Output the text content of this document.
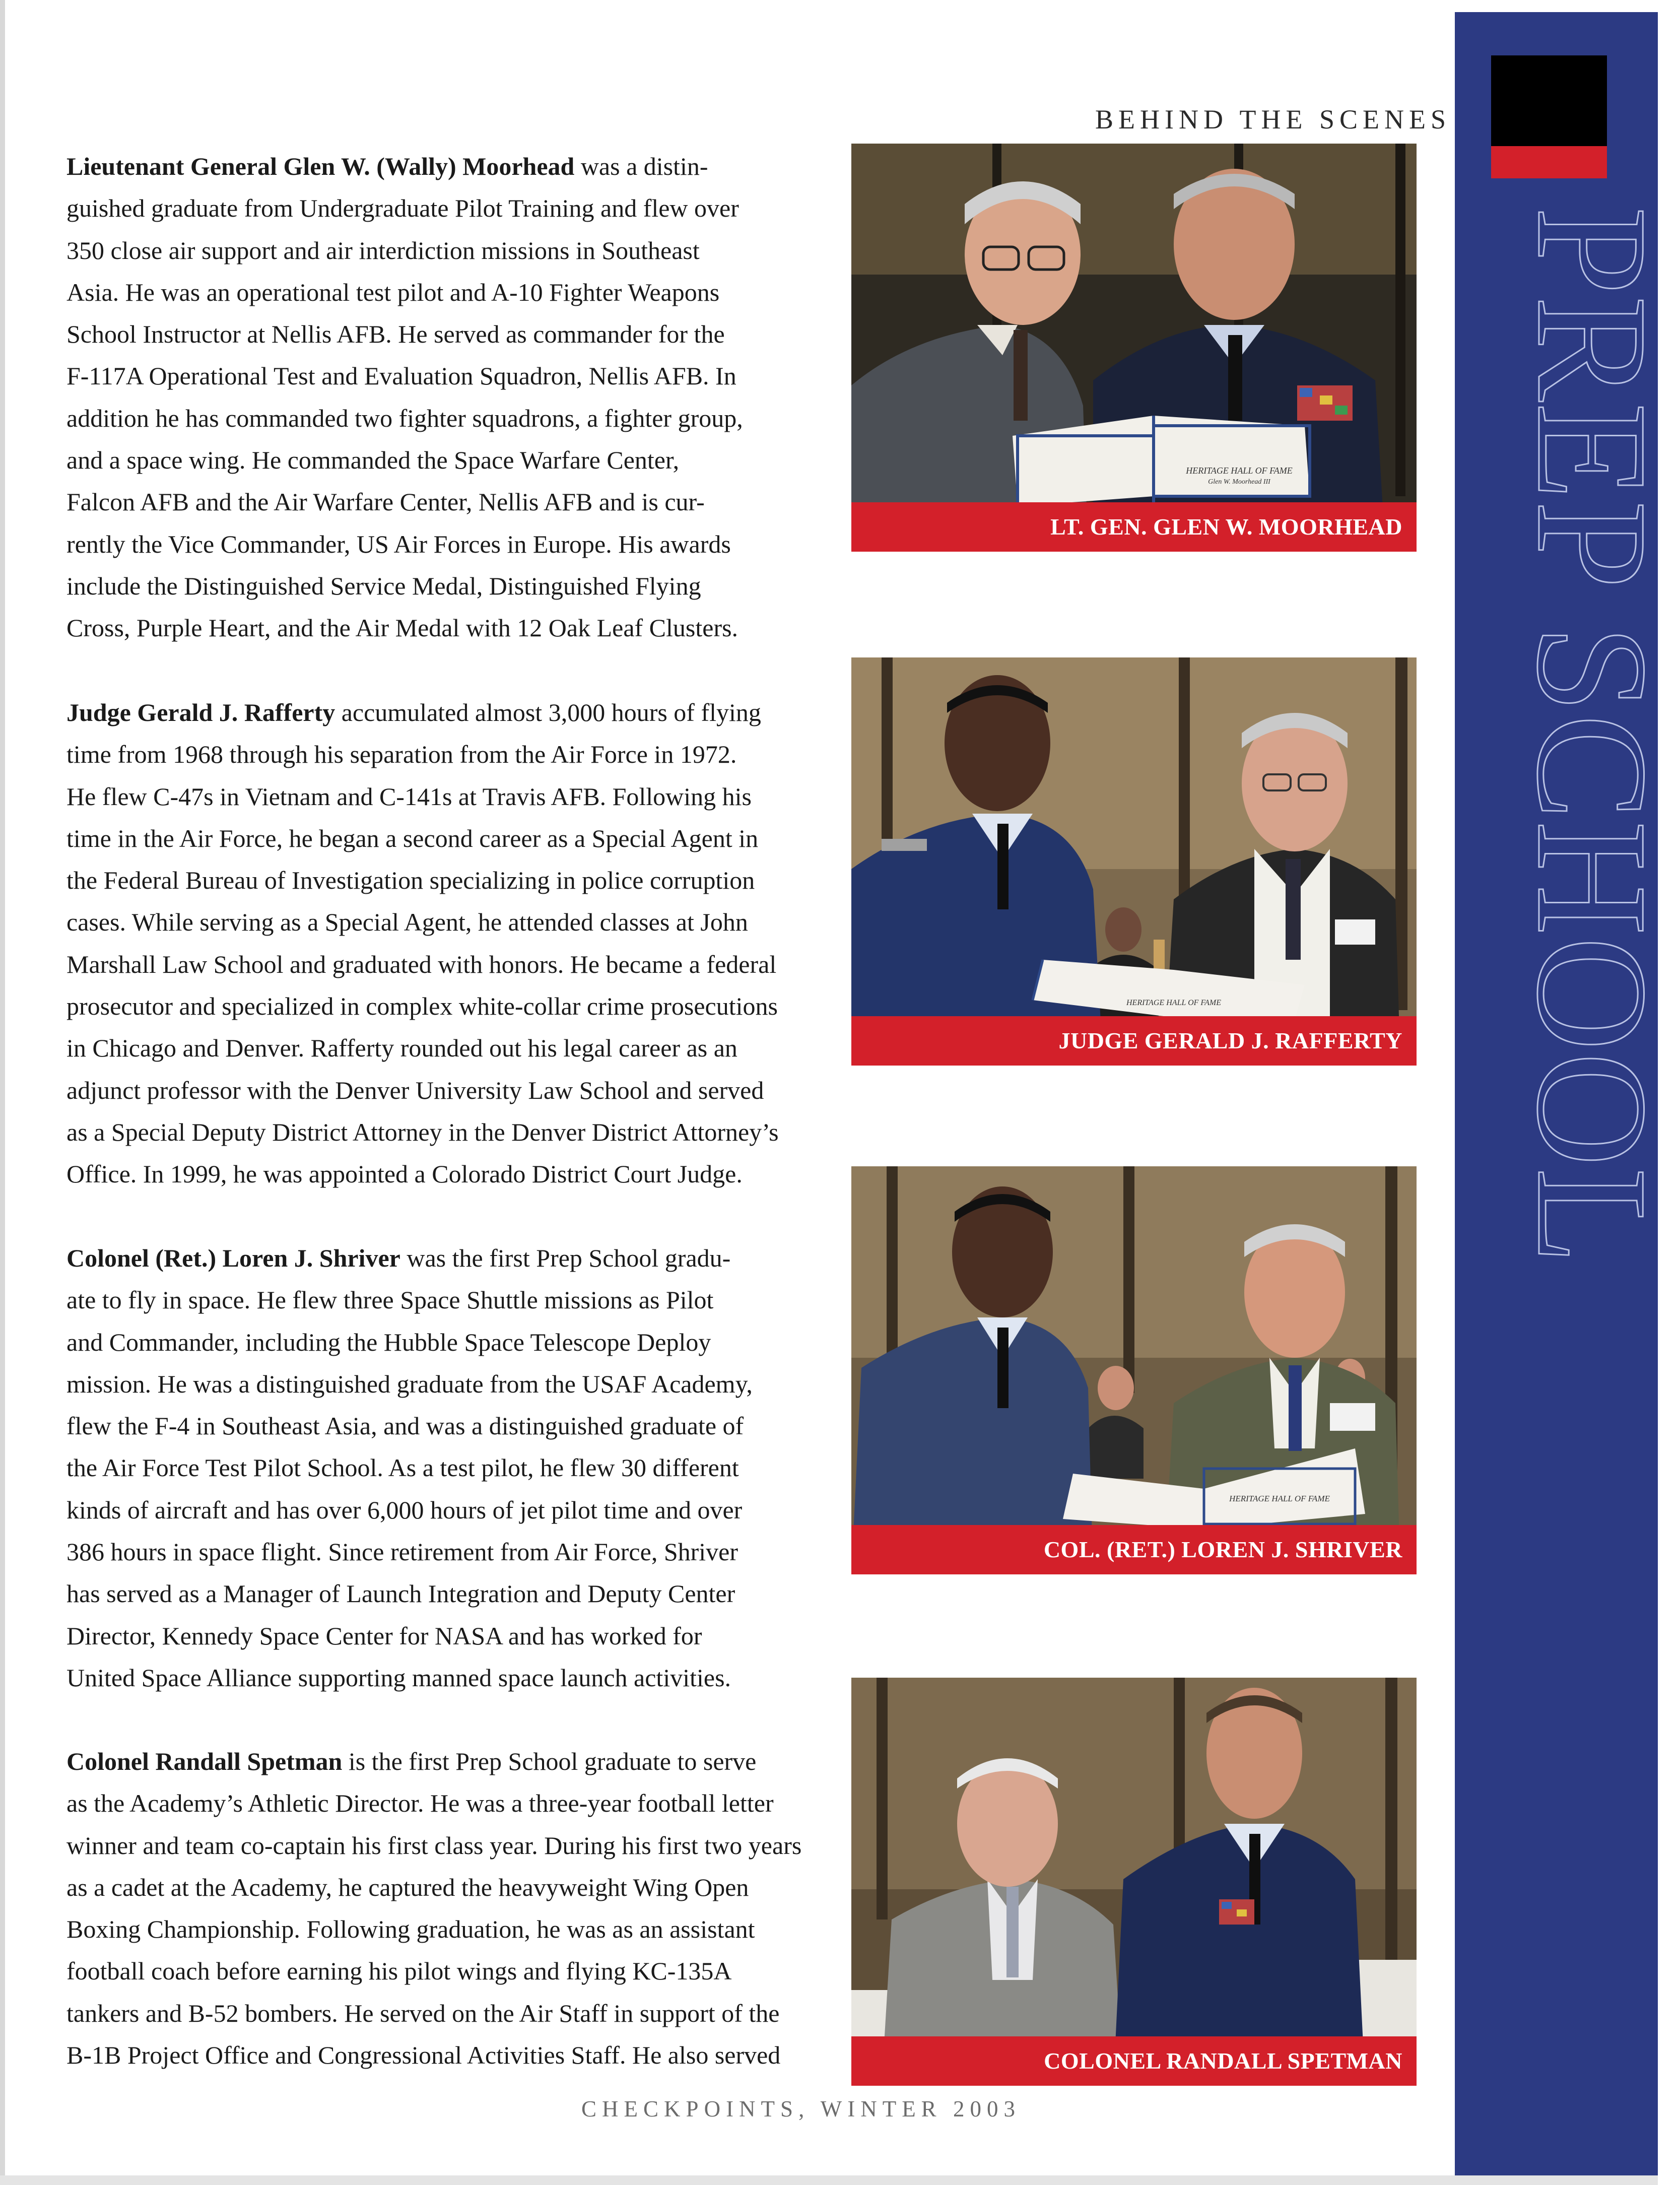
BEHIND THE SCENES
PREP SCHOOL

Lieutenant General Glen W. (Wally) Moorhead was a distin-
guished graduate from Undergraduate Pilot Training and flew over
350 close air support and air interdiction missions in Southeast
Asia. He was an operational test pilot and A-10 Fighter Weapons
School Instructor at Nellis AFB. He served as commander for the
F-117A Operational Test and Evaluation Squadron, Nellis AFB. In
addition he has commanded two fighter squadrons, a fighter group,
and a space wing. He commanded the Space Warfare Center,
Falcon AFB and the Air Warfare Center, Nellis AFB and is cur-
rently the Vice Commander, US Air Forces in Europe. His awards
include the Distinguished Service Medal, Distinguished Flying
Cross, Purple Heart, and the Air Medal with 12 Oak Leaf Clusters.

Judge Gerald J. Rafferty accumulated almost 3,000 hours of flying
time from 1968 through his separation from the Air Force in 1972.
He flew C-47s in Vietnam and C-141s at Travis AFB. Following his
time in the Air Force, he began a second career as a Special Agent in
the Federal Bureau of Investigation specializing in police corruption
cases. While serving as a Special Agent, he attended classes at John
Marshall Law School and graduated with honors. He became a federal
prosecutor and specialized in complex white-collar crime prosecutions
in Chicago and Denver. Rafferty rounded out his legal career as an
adjunct professor with the Denver University Law School and served
as a Special Deputy District Attorney in the Denver District Attorney’s
Office. In 1999, he was appointed a Colorado District Court Judge.

Colonel (Ret.) Loren J. Shriver was the first Prep School gradu-
ate to fly in space. He flew three Space Shuttle missions as Pilot
and Commander, including the Hubble Space Telescope Deploy
mission. He was a distinguished graduate from the USAF Academy,
flew the F-4 in Southeast Asia, and was a distinguished graduate of
the Air Force Test Pilot School. As a test pilot, he flew 30 different
kinds of aircraft and has over 6,000 hours of jet pilot time and over
386 hours in space flight. Since retirement from Air Force, Shriver
has served as a Manager of Launch Integration and Deputy Center
Director, Kennedy Space Center for NASA and has worked for
United Space Alliance supporting manned space launch activities.

Colonel Randall Spetman is the first Prep School graduate to serve
as the Academy’s Athletic Director. He was a three-year football letter
winner and team co-captain his first class year. During his first two years
as a cadet at the Academy, he captured the heavyweight Wing Open
Boxing Championship. Following graduation, he was as an assistant
football coach before earning his pilot wings and flying KC-135A
tankers and B-52 bombers. He served on the Air Staff in support of the
B-1B Project Office and Congressional Activities Staff. He also served

HERITAGE HALL OF FAME
Glen W. Moorhead III
LT. GEN. GLEN W. MOORHEAD
HERITAGE HALL OF FAME
JUDGE GERALD J. RAFFERTY
HERITAGE HALL OF FAME
COL. (RET.) LOREN J. SHRIVER
COLONEL RANDALL SPETMAN
CHECKPOINTS, WINTER 2003
